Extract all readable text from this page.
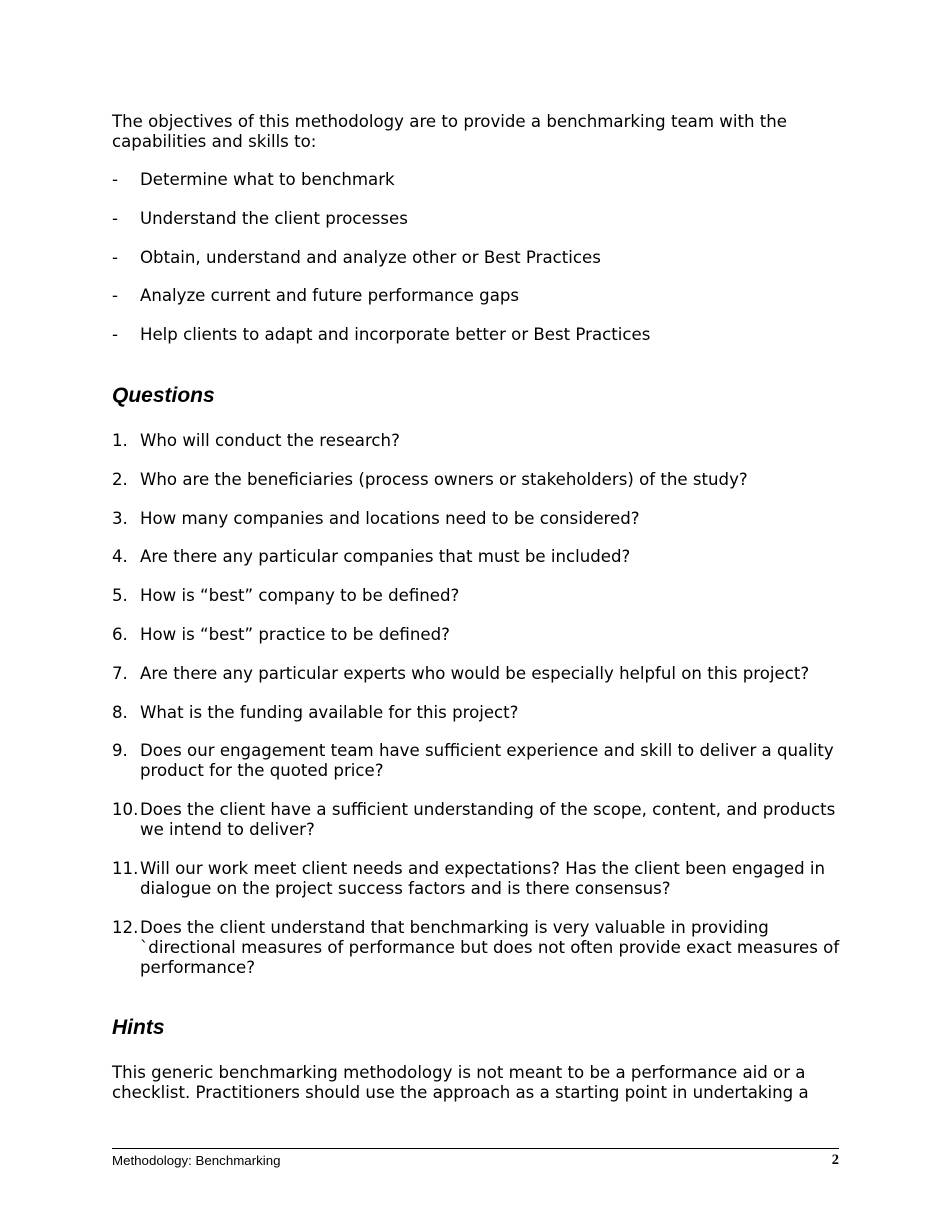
The objectives of this methodology are to provide a benchmarking team with the capabilities and skills to:

- Determine what to benchmark
- Understand the client processes
- Obtain, understand and analyze other or Best Practices
- Analyze current and future performance gaps
- Help clients to adapt and incorporate better or Best Practices
Questions
1. Who will conduct the research?
2. Who are the beneficiaries (process owners or stakeholders) of the study?
3. How many companies and locations need to be considered?
4. Are there any particular companies that must be included?
5. How is “best” company to be defined?
6. How is “best” practice to be defined?
7. Are there any particular experts who would be especially helpful on this project?
8. What is the funding available for this project?
9. Does our engagement team have sufficient experience and skill to deliver a quality product for the quoted price?
10. Does the client have a sufficient understanding of the scope, content, and products we intend to deliver?
11. Will our work meet client needs and expectations? Has the client been engaged in dialogue on the project success factors and is there consensus?
12. Does the client understand that benchmarking is very valuable in providing `directional measures of performance but does not often provide exact measures of performance?
Hints

This generic benchmarking methodology is not meant to be a performance aid or a checklist. Practitioners should use the approach as a starting point in undertaking a

Methodology: Benchmarking	2
